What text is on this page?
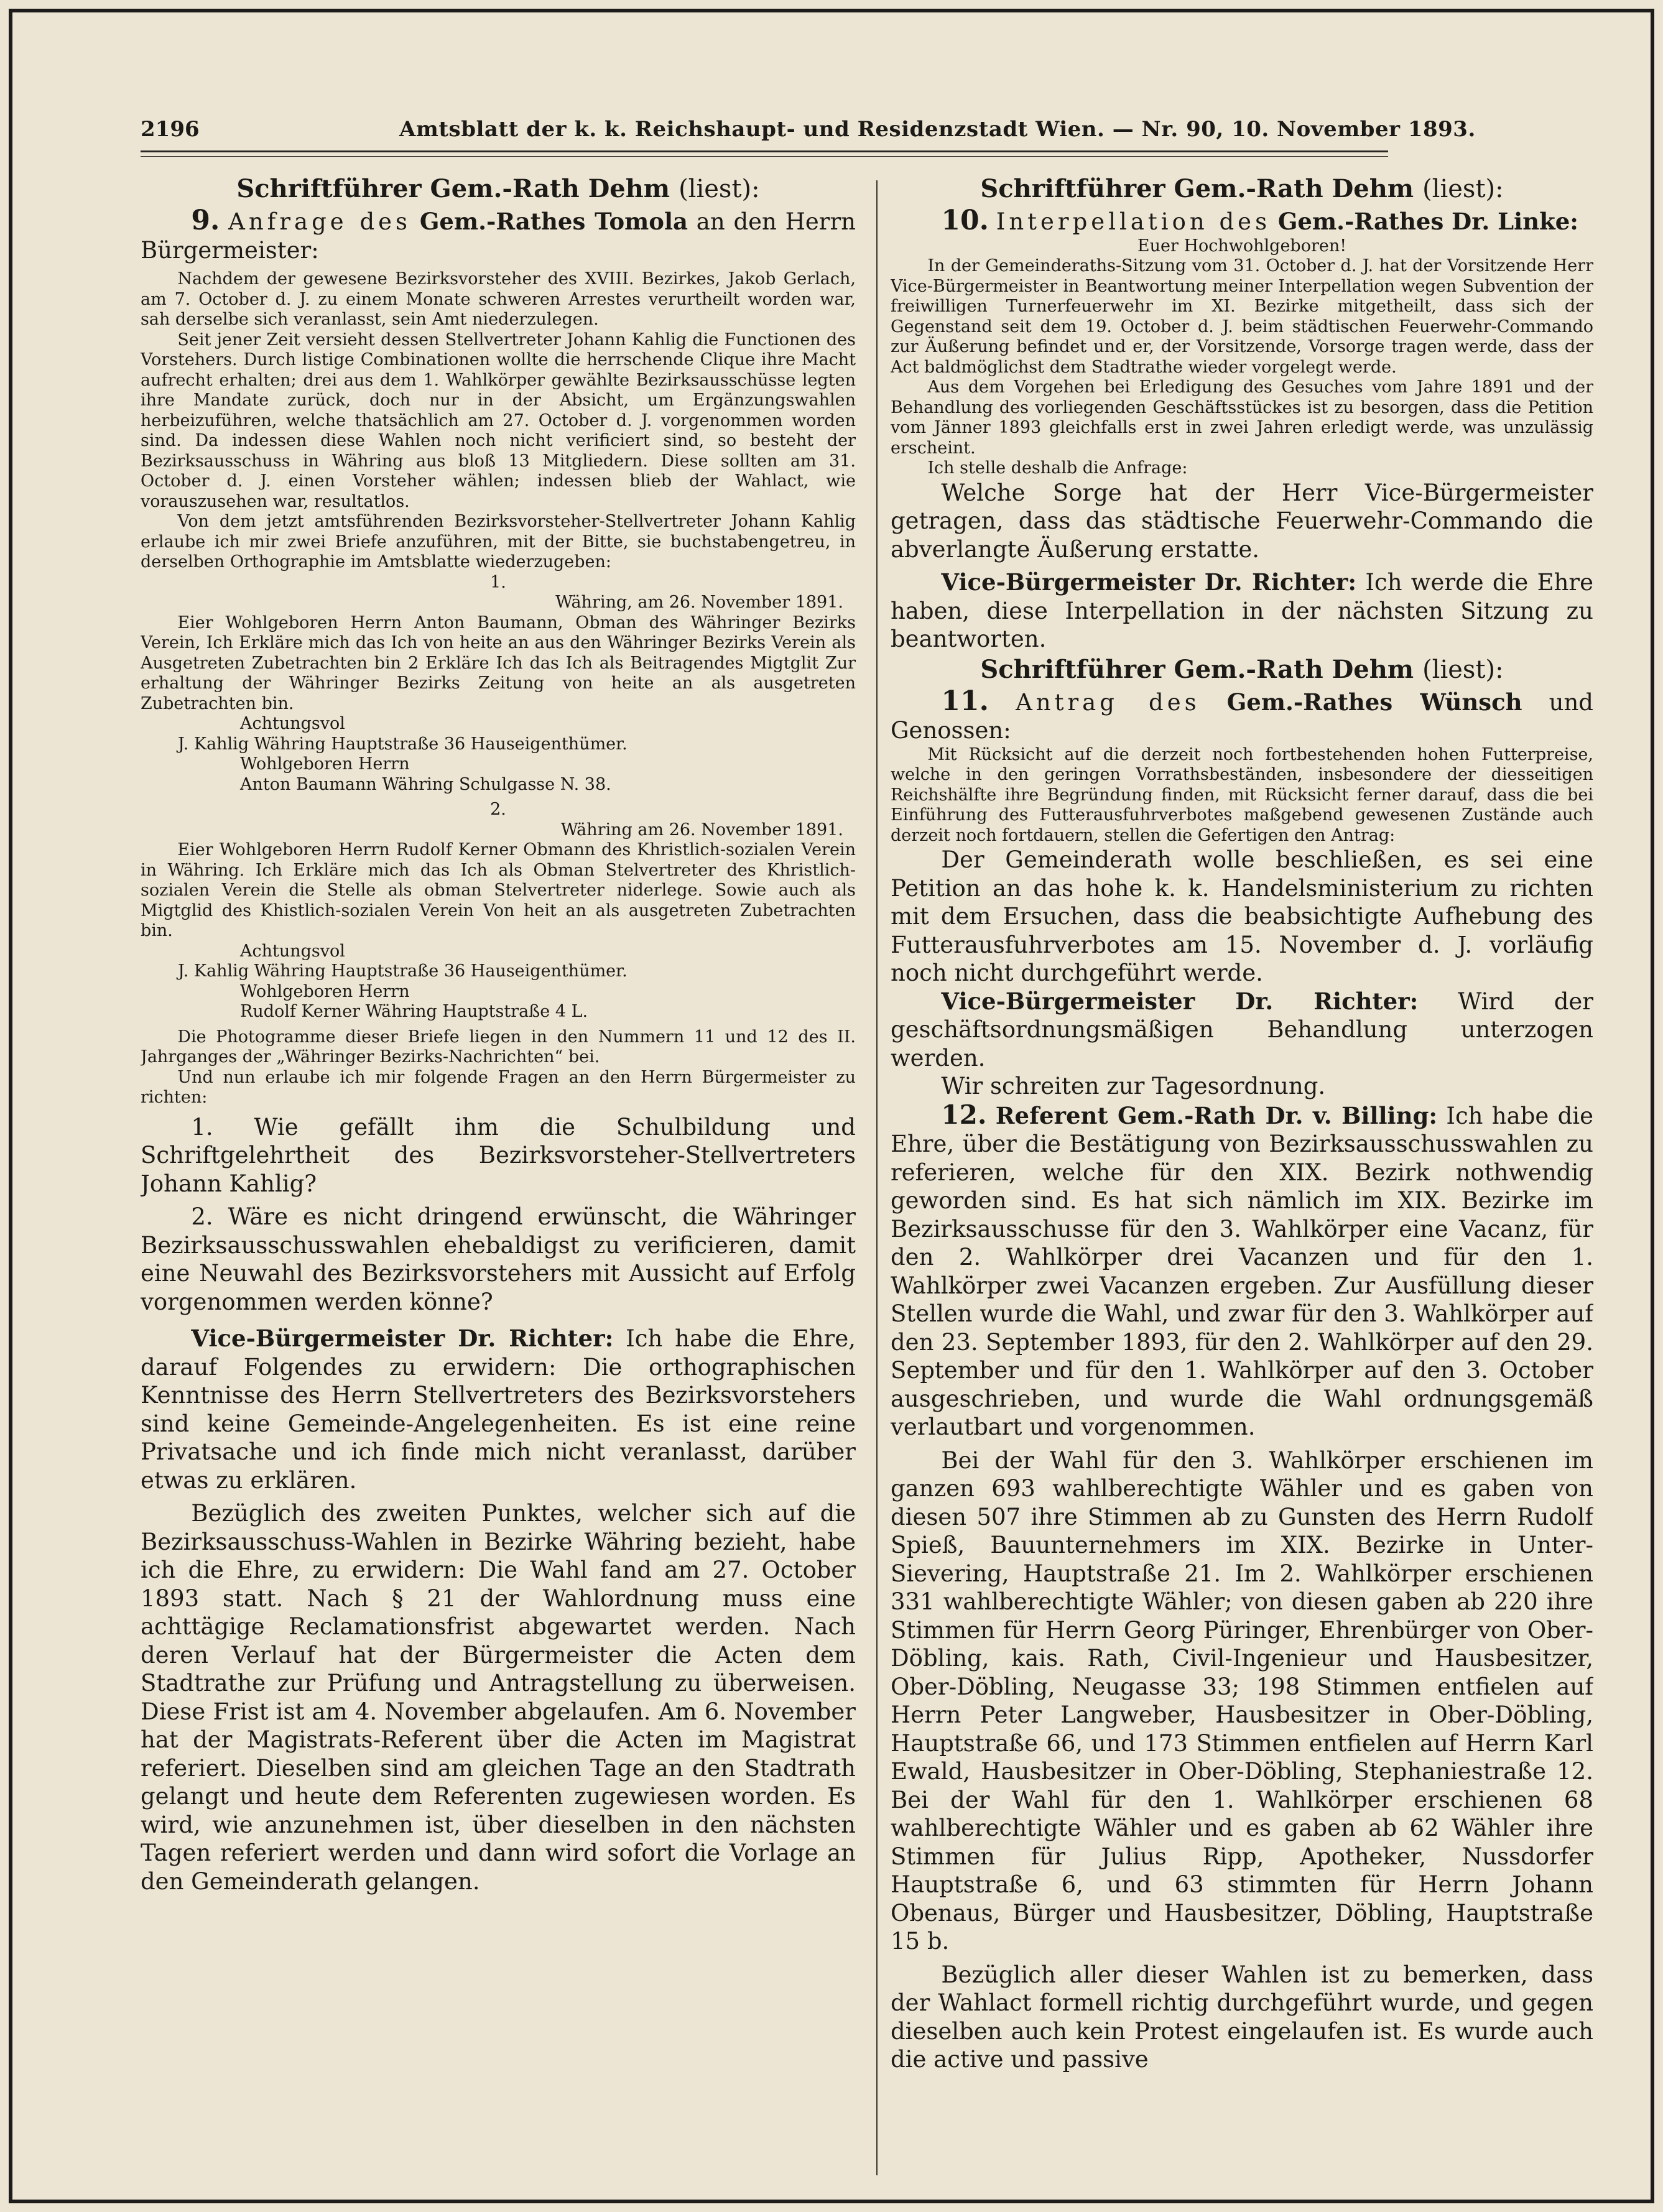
2196	Amtsblatt der k. k. Reichshaupt- und Residenzstadt Wien. — Nr. 90, 10. November 1893.
Schriftführer Gem.-Rath Dehm (liest):

9. Anfrage des Gem.-Rathes Tomola an den Herrn Bürgermeister:

Nachdem der gewesene Bezirksvorsteher des XVIII. Bezirkes, Jakob Gerlach, am 7. October d. J. zu einem Monate schweren Arrestes verurtheilt worden war, sah derselbe sich veranlasst, sein Amt niederzulegen.

Seit jener Zeit versieht dessen Stellvertreter Johann Kahlig die Functionen des Vorstehers. Durch listige Combinationen wollte die herrschende Clique ihre Macht aufrecht erhalten; drei aus dem 1. Wahlkörper gewählte Bezirksausschüsse legten ihre Mandate zurück, doch nur in der Absicht, um Ergänzungswahlen herbeizuführen, welche thatsächlich am 27. October d. J. vorgenommen worden sind. Da indessen diese Wahlen noch nicht verificiert sind, so besteht der Bezirksausschuss in Währing aus bloß 13 Mitgliedern. Diese sollten am 31. October d. J. einen Vorsteher wählen; indessen blieb der Wahlact, wie vorauszusehen war, resultatlos.

Von dem jetzt amtsführenden Bezirksvorsteher-Stellvertreter Johann Kahlig erlaube ich mir zwei Briefe anzuführen, mit der Bitte, sie buchstabengetreu, in derselben Orthographie im Amtsblatte wiederzugeben:

1.

Währing, am 26. November 1891.

Eier Wohlgeboren Herrn Anton Baumann, Obman des Währinger Bezirks Verein, Ich Erkläre mich das Ich von heite an aus den Währinger Bezirks Verein als Ausgetreten Zubetrachten bin 2 Erkläre Ich das Ich als Beitragendes Migtglit Zur erhaltung der Währinger Bezirks Zeitung von heite an als ausgetreten Zubetrachten bin.

Achtungsvol

J. Kahlig Währing Hauptstraße 36 Hauseigenthümer.

Wohlgeboren Herrn

Anton Baumann Währing Schulgasse N. 38.

2.

Währing am 26. November 1891.

Eier Wohlgeboren Herrn Rudolf Kerner Obmann des Khristlich-sozialen Verein in Währing. Ich Erkläre mich das Ich als Obman Stelvertreter des Khristlich-sozialen Verein die Stelle als obman Stelvertreter niderlege. Sowie auch als Migtglid des Khistlich-sozialen Verein Von heit an als ausgetreten Zubetrachten bin.

Achtungsvol

J. Kahlig Währing Hauptstraße 36 Hauseigenthümer.

Wohlgeboren Herrn

Rudolf Kerner Währing Hauptstraße 4 L.

Die Photogramme dieser Briefe liegen in den Nummern 11 und 12 des II. Jahrganges der „Währinger Bezirks-Nachrichten“ bei.

Und nun erlaube ich mir folgende Fragen an den Herrn Bürgermeister zu richten:

1. Wie gefällt ihm die Schulbildung und Schriftgelehrtheit des Bezirksvorsteher-Stellvertreters Johann Kahlig?

2. Wäre es nicht dringend erwünscht, die Währinger Bezirksausschusswahlen ehebaldigst zu verificieren, damit eine Neuwahl des Bezirksvorstehers mit Aussicht auf Erfolg vorgenommen werden könne?

Vice-Bürgermeister Dr. Richter: Ich habe die Ehre, darauf Folgendes zu erwidern: Die orthographischen Kenntnisse des Herrn Stellvertreters des Bezirksvorstehers sind keine Gemeinde-Angelegenheiten. Es ist eine reine Privatsache und ich finde mich nicht veranlasst, darüber etwas zu erklären.

Bezüglich des zweiten Punktes, welcher sich auf die Bezirksausschuss-Wahlen in Bezirke Währing bezieht, habe ich die Ehre, zu erwidern: Die Wahl fand am 27. October 1893 statt. Nach § 21 der Wahlordnung muss eine achttägige Reclamationsfrist abgewartet werden. Nach deren Verlauf hat der Bürgermeister die Acten dem Stadtrathe zur Prüfung und Antragstellung zu überweisen. Diese Frist ist am 4. November abgelaufen. Am 6. November hat der Magistrats-Referent über die Acten im Magistrat referiert. Dieselben sind am gleichen Tage an den Stadtrath gelangt und heute dem Referenten zugewiesen worden. Es wird, wie anzunehmen ist, über dieselben in den nächsten Tagen referiert werden und dann wird sofort die Vorlage an den Gemeinderath gelangen.

Schriftführer Gem.-Rath Dehm (liest):

10. Interpellation des Gem.-Rathes Dr. Linke:

Euer Hochwohlgeboren!

In der Gemeinderaths-Sitzung vom 31. October d. J. hat der Vorsitzende Herr Vice-Bürgermeister in Beantwortung meiner Interpellation wegen Subvention der freiwilligen Turnerfeuerwehr im XI. Bezirke mitgetheilt, dass sich der Gegenstand seit dem 19. October d. J. beim städtischen Feuerwehr-Commando zur Äußerung befindet und er, der Vorsitzende, Vorsorge tragen werde, dass der Act baldmöglichst dem Stadtrathe wieder vorgelegt werde.

Aus dem Vorgehen bei Erledigung des Gesuches vom Jahre 1891 und der Behandlung des vorliegenden Geschäftsstückes ist zu besorgen, dass die Petition vom Jänner 1893 gleichfalls erst in zwei Jahren erledigt werde, was unzulässig erscheint.

Ich stelle deshalb die Anfrage:

Welche Sorge hat der Herr Vice-Bürgermeister getragen, dass das städtische Feuerwehr-Commando die abverlangte Äußerung erstatte.

Vice-Bürgermeister Dr. Richter: Ich werde die Ehre haben, diese Interpellation in der nächsten Sitzung zu beantworten.

Schriftführer Gem.-Rath Dehm (liest):

11. Antrag des Gem.-Rathes Wünsch und Genossen:

Mit Rücksicht auf die derzeit noch fortbestehenden hohen Futterpreise, welche in den geringen Vorrathsbeständen, insbesondere der diesseitigen Reichshälfte ihre Begründung finden, mit Rücksicht ferner darauf, dass die bei Einführung des Futterausfuhrverbotes maßgebend gewesenen Zustände auch derzeit noch fortdauern, stellen die Gefertigen den Antrag:

Der Gemeinderath wolle beschließen, es sei eine Petition an das hohe k. k. Handelsministerium zu richten mit dem Ersuchen, dass die beabsichtigte Aufhebung des Futterausfuhrverbotes am 15. November d. J. vorläufig noch nicht durchgeführt werde.

Vice-Bürgermeister Dr. Richter: Wird der geschäftsordnungsmäßigen Behandlung unterzogen werden.

Wir schreiten zur Tagesordnung.

12. Referent Gem.-Rath Dr. v. Billing: Ich habe die Ehre, über die Bestätigung von Bezirksausschusswahlen zu referieren, welche für den XIX. Bezirk nothwendig geworden sind. Es hat sich nämlich im XIX. Bezirke im Bezirksausschusse für den 3. Wahlkörper eine Vacanz, für den 2. Wahlkörper drei Vacanzen und für den 1. Wahlkörper zwei Vacanzen ergeben. Zur Ausfüllung dieser Stellen wurde die Wahl, und zwar für den 3. Wahlkörper auf den 23. September 1893, für den 2. Wahlkörper auf den 29. September und für den 1. Wahlkörper auf den 3. October ausgeschrieben, und wurde die Wahl ordnungsgemäß verlautbart und vorgenommen.

Bei der Wahl für den 3. Wahlkörper erschienen im ganzen 693 wahlberechtigte Wähler und es gaben von diesen 507 ihre Stimmen ab zu Gunsten des Herrn Rudolf Spieß, Bauunternehmers im XIX. Bezirke in Unter-Sievering, Hauptstraße 21. Im 2. Wahlkörper erschienen 331 wahlberechtigte Wähler; von diesen gaben ab 220 ihre Stimmen für Herrn Georg Püringer, Ehrenbürger von Ober-Döbling, kais. Rath, Civil-Ingenieur und Hausbesitzer, Ober-Döbling, Neugasse 33; 198 Stimmen entfielen auf Herrn Peter Langweber, Hausbesitzer in Ober-Döbling, Hauptstraße 66, und 173 Stimmen entfielen auf Herrn Karl Ewald, Hausbesitzer in Ober-Döbling, Stephaniestraße 12. Bei der Wahl für den 1. Wahlkörper erschienen 68 wahlberechtigte Wähler und es gaben ab 62 Wähler ihre Stimmen für Julius Ripp, Apotheker, Nussdorfer Hauptstraße 6, und 63 stimmten für Herrn Johann Obenaus, Bürger und Hausbesitzer, Döbling, Hauptstraße 15 b.

Bezüglich aller dieser Wahlen ist zu bemerken, dass der Wahlact formell richtig durchgeführt wurde, und gegen dieselben auch kein Protest eingelaufen ist. Es wurde auch die active und passive
